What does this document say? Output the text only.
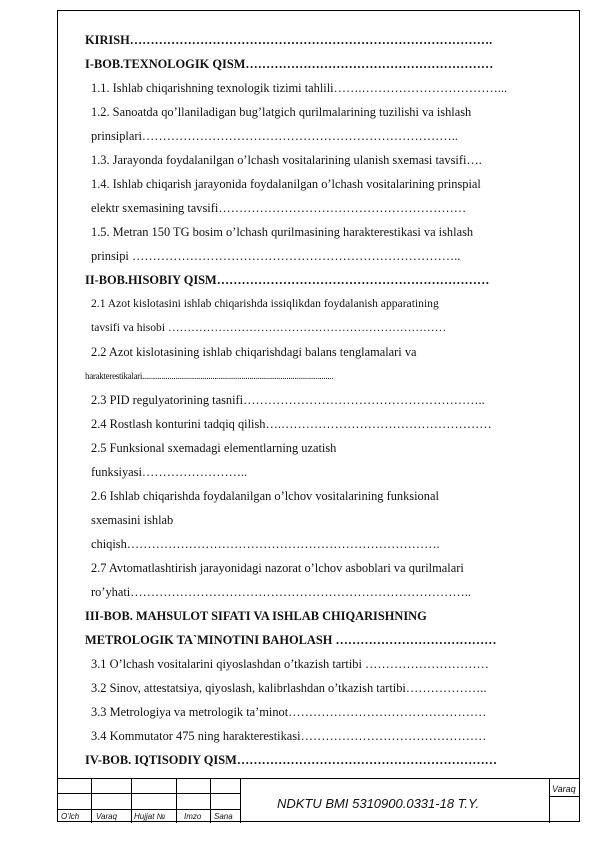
KIRISH…………………………………………………………………………….
I-BOB.TEXNOLOGIK QISM……………………………………………………
1.1. Ishlab chiqarishning texnologik tizimi tahlili…….……………………………...
1.2. Sanoatda qo’llaniladigan bug’latgich qurilmalarining tuzilishi va ishlash
prinsiplari…………………………………………………………………..
1.3. Jarayonda foydalanilgan o’lchash vositalarining ulanish sxemasi tavsifi….
1.4. Ishlab chiqarish jarayonida foydalanilgan o’lchash vositalarining prinspial
elektr sxemasining tavsifi……………………………………………………
1.5. Metran 150 TG bosim o’lchash qurilmasining harakterestikasi va ishlash
prinsipi ……………………………………………………………………..
II-BOB.HISOBIY QISM…………………………………………………………
2.1 Azot kislotasini ishlab chiqarishda issiqlikdan foydalanish apparatining
tavsifi va hisobi ………………………………………………………………
2.2 Azot kislotasining ishlab chiqarishdagi balans tenglamalari va
harakterestikalari..................................................................................................
2.3 PID regulyatorining tasnifi…………………………………………………..
2.4 Rostlash konturini tadqiq qilish….……………………………………………
2.5 Funksional sxemadagi elementlarning uzatish
funksiyasi……………………..
2.6 Ishlab chiqarishda foydalanilgan o’lchov vositalarining funksional
sxemasini ishlab
chiqish………………………………………………………………….
2.7 Avtomatlashtirish jarayonidagi nazorat o’lchov asboblari va qurilmalari
ro’yhati………………………………………………………………………..
III-BOB. MAHSULOT SIFATI VA ISHLAB CHIQARISHNING
METROLOGIK TA`MINOTINI BAHOLASH …………………………………
3.1 O’lchash vositalarini qiyoslashdan o’tkazish tartibi …………………………
3.2 Sinov, attestatsiya, qiyoslash, kalibrlashdan o’tkazish tartibi………………..
3.3 Metrologiya va metrologik ta’minot…………………………………………
3.4 Kommutator 475 ning harakterestikasi………………………………………
IV-BOB. IQTISODIY QISM………………………………………………………
O’lch Varaq Hujjat № Imzo Sana
NDKTU BMI 5310900.0331-18 T.Y.
Varaq
